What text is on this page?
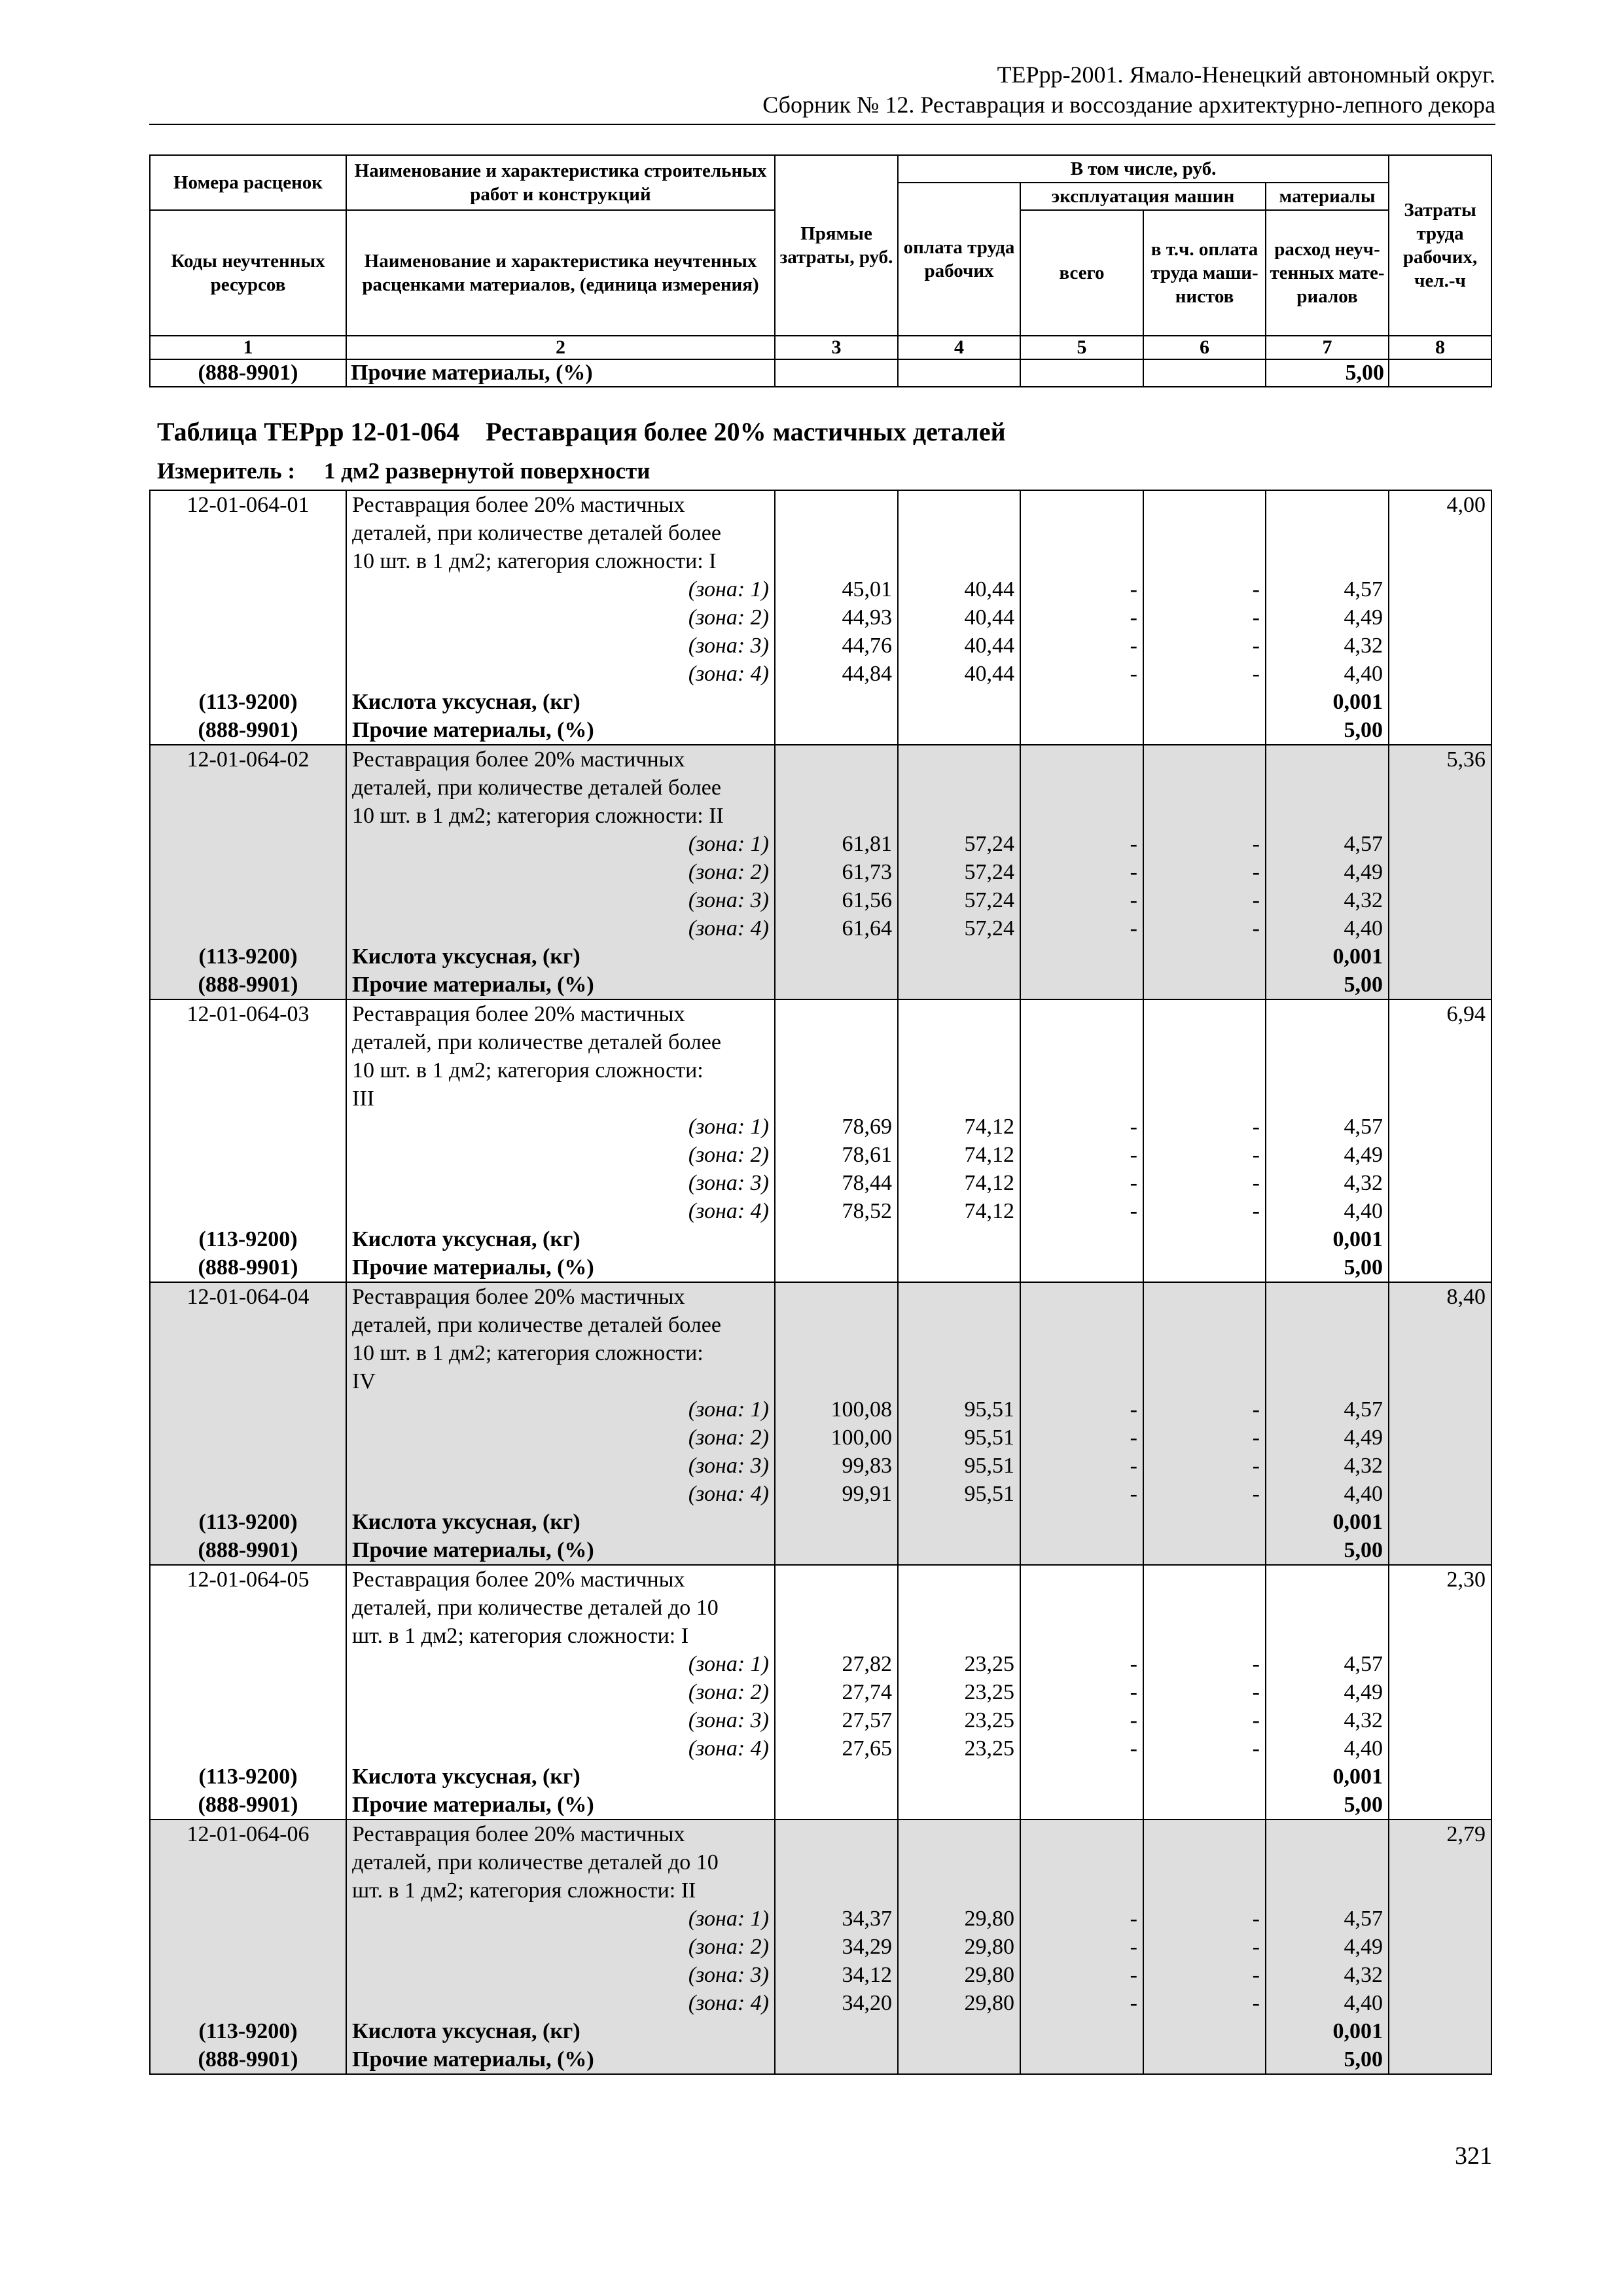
ТЕРрр-2001. Ямало-Ненецкий автономный округ.
Сборник № 12. Реставрация и воссоздание архитектурно-лепного декора
Номера расценок	Наименование и характеристика строительных работ и конструкций	Прямые затраты, руб.	В том числе, руб.				Затраты труда рабочих, чел.-ч
			оплата труда рабочих	эксплуатация машин		материалы	
Коды неучтенных ресурсов	Наименование и характеристика неучтенных расценками материалов, (единица измерения)			всего	в т.ч. оплата труда маши- нистов	расход неуч- тенных мате- риалов	
1	2	3	4	5	6	7	8
(888-9901)	Прочие материалы, (%)					5,00	
Таблица ТЕРрр 12-01-064    Реставрация более 20% мастичных деталей
Измеритель :     1 дм2 развернутой поверхности
12-01-064-01	Реставрация более 20% мастичных						4,00
	деталей, при количестве деталей более						
	10 шт. в 1 дм2; категория сложности: I						
	(зона: 1)	45,01	40,44	-	-	4,57	
	(зона: 2)	44,93	40,44	-	-	4,49	
	(зона: 3)	44,76	40,44	-	-	4,32	
	(зона: 4)	44,84	40,44	-	-	4,40	
(113-9200)	Кислота уксусная, (кг)					0,001	
(888-9901)	Прочие материалы, (%)					5,00	
12-01-064-02	Реставрация более 20% мастичных						5,36
	деталей, при количестве деталей более						
	10 шт. в 1 дм2; категория сложности: II						
	(зона: 1)	61,81	57,24	-	-	4,57	
	(зона: 2)	61,73	57,24	-	-	4,49	
	(зона: 3)	61,56	57,24	-	-	4,32	
	(зона: 4)	61,64	57,24	-	-	4,40	
(113-9200)	Кислота уксусная, (кг)					0,001	
(888-9901)	Прочие материалы, (%)					5,00	
12-01-064-03	Реставрация более 20% мастичных						6,94
	деталей, при количестве деталей более						
	10 шт. в 1 дм2; категория сложности:						
	III						
	(зона: 1)	78,69	74,12	-	-	4,57	
	(зона: 2)	78,61	74,12	-	-	4,49	
	(зона: 3)	78,44	74,12	-	-	4,32	
	(зона: 4)	78,52	74,12	-	-	4,40	
(113-9200)	Кислота уксусная, (кг)					0,001	
(888-9901)	Прочие материалы, (%)					5,00	
12-01-064-04	Реставрация более 20% мастичных						8,40
	деталей, при количестве деталей более						
	10 шт. в 1 дм2; категория сложности:						
	IV						
	(зона: 1)	100,08	95,51	-	-	4,57	
	(зона: 2)	100,00	95,51	-	-	4,49	
	(зона: 3)	99,83	95,51	-	-	4,32	
	(зона: 4)	99,91	95,51	-	-	4,40	
(113-9200)	Кислота уксусная, (кг)					0,001	
(888-9901)	Прочие материалы, (%)					5,00	
12-01-064-05	Реставрация более 20% мастичных						2,30
	деталей, при количестве деталей до 10						
	шт. в 1 дм2; категория сложности: I						
	(зона: 1)	27,82	23,25	-	-	4,57	
	(зона: 2)	27,74	23,25	-	-	4,49	
	(зона: 3)	27,57	23,25	-	-	4,32	
	(зона: 4)	27,65	23,25	-	-	4,40	
(113-9200)	Кислота уксусная, (кг)					0,001	
(888-9901)	Прочие материалы, (%)					5,00	
12-01-064-06	Реставрация более 20% мастичных						2,79
	деталей, при количестве деталей до 10						
	шт. в 1 дм2; категория сложности: II						
	(зона: 1)	34,37	29,80	-	-	4,57	
	(зона: 2)	34,29	29,80	-	-	4,49	
	(зона: 3)	34,12	29,80	-	-	4,32	
	(зона: 4)	34,20	29,80	-	-	4,40	
(113-9200)	Кислота уксусная, (кг)					0,001	
(888-9901)	Прочие материалы, (%)					5,00	
321
